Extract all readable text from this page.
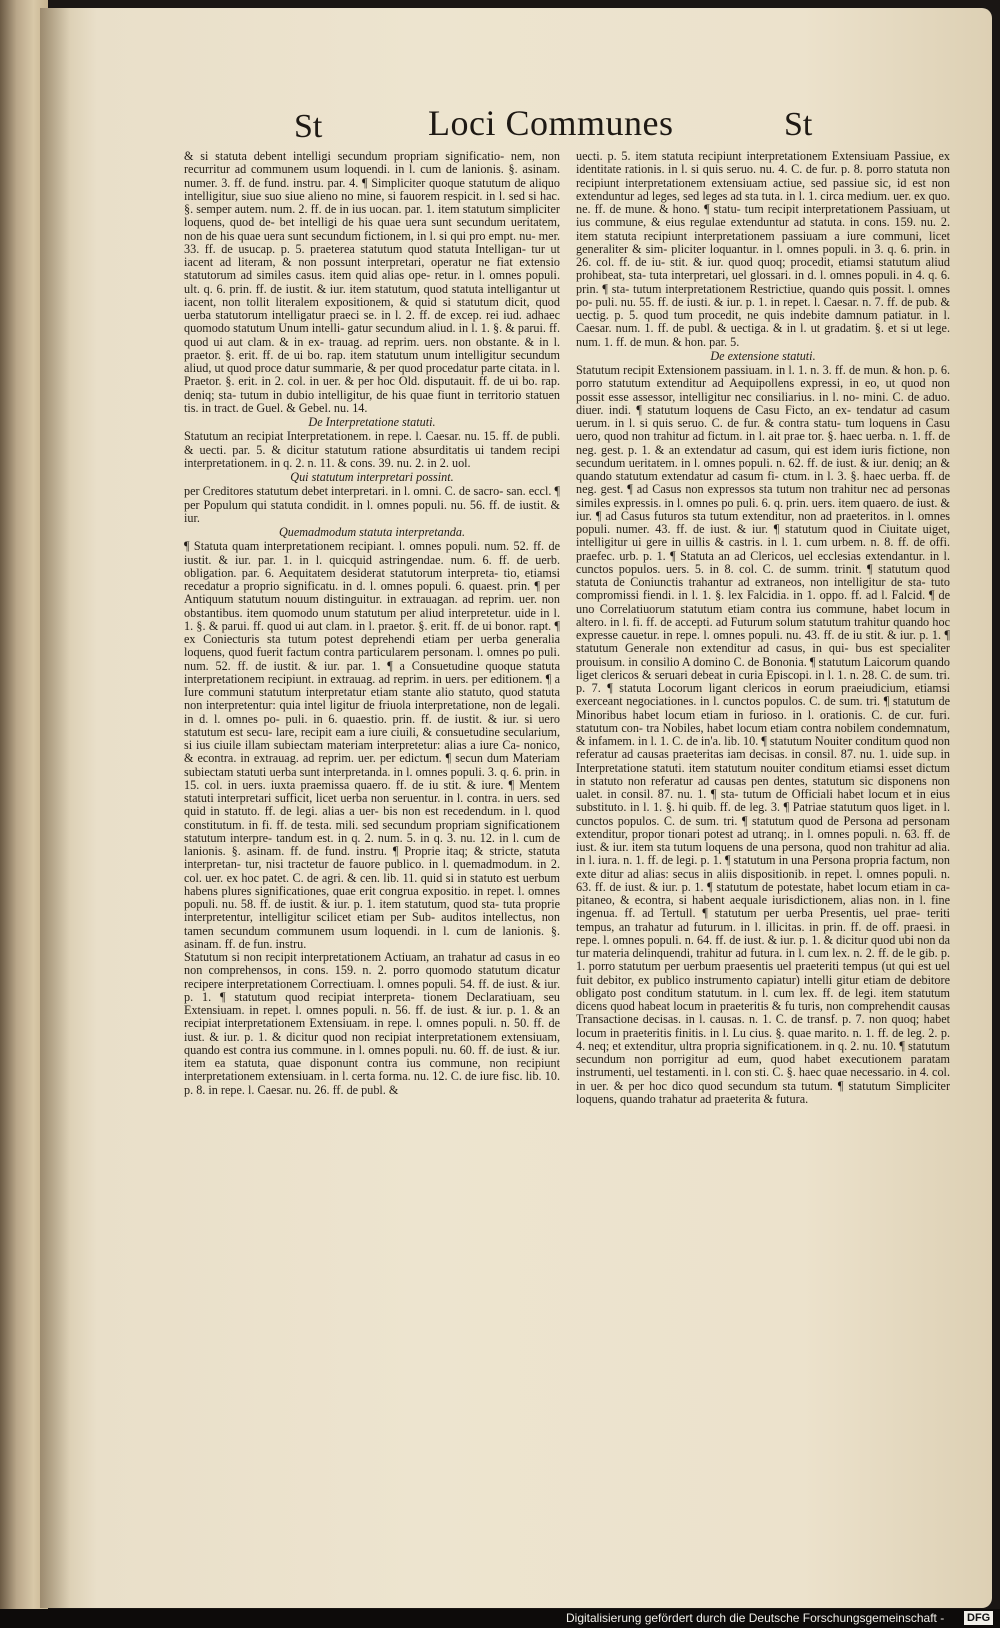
St	Loci Communes	St

& si statuta debent intelligi secundum propriam significatio- nem, non recurritur ad communem usum loquendi. in l. cum de lanionis. §. asinam. numer. 3. ff. de fund. instru. par. 4. ¶ Simpliciter quoque statutum de aliquo intelligitur, siue suo siue alieno no mine, si fauorem respicit. in l. sed si hac. §. semper autem. num. 2. ff. de in ius uocan. par. 1. item statutum simpliciter loquens, quod de- bet intelligi de his quae uera sunt secundum ueritatem, non de his quae uera sunt secundum fictionem, in l. si qui pro empt. nu- mer. 33. ff. de usucap. p. 5. praeterea statutum quod statuta Intelligan- tur ut iacent ad literam, & non possunt interpretari, operatur ne fiat extensio statutorum ad similes casus. item quid alias ope- retur. in l. omnes populi. ult. q. 6. prin. ff. de iustit. & iur. item statutum, quod statuta intelligantur ut iacent, non tollit literalem expositionem, & quid si statutum dicit, quod uerba statutorum intelligatur praeci se. in l. 2. ff. de excep. rei iud. adhaec quomodo statutum Unum intelli- gatur secundum aliud. in l. 1. §. & parui. ff. quod ui aut clam. & in ex- trauag. ad reprim. uers. non obstante. & in l. praetor. §. erit. ff. de ui bo. rap. item statutum unum intelligitur secundum aliud, ut quod proce datur summarie, & per quod procedatur parte citata. in l. Praetor. §. erit. in 2. col. in uer. & per hoc Old. disputauit. ff. de ui bo. rap. deniq; sta- tutum in dubio intelligitur, de his quae fiunt in territorio statuen tis. in tract. de Guel. & Gebel. nu. 14.

De Interpretatione statuti.

Statutum an recipiat Interpretationem. in repe. l. Caesar. nu. 15. ff. de publi. & uecti. par. 5. & dicitur statutum ratione absurditatis ui tandem recipi interpretationem. in q. 2. n. 11. & cons. 39. nu. 2. in 2. uol.

Qui statutum interpretari possint.

per Creditores statutum debet interpretari. in l. omni. C. de sacro- san. eccl. ¶ per Populum qui statuta condidit. in l. omnes populi. nu. 56. ff. de iustit. & iur.

Quemadmodum statuta interpretanda.

¶ Statuta quam interpretationem recipiant. l. omnes populi. num. 52. ff. de iustit. & iur. par. 1. in l. quicquid astringendae. num. 6. ff. de uerb. obligation. par. 6. Aequitatem desiderat statutorum interpreta- tio, etiamsi recedatur a proprio significatu. in d. l. omnes populi. 6. quaest. prin. ¶ per Antiquum statutum nouum distinguitur. in extrauagan. ad reprim. uer. non obstantibus. item quomodo unum statutum per aliud interpretetur. uide in l. 1. §. & parui. ff. quod ui aut clam. in l. praetor. §. erit. ff. de ui bonor. rapt. ¶ ex Coniecturis sta tutum potest deprehendi etiam per uerba generalia loquens, quod fuerit factum contra particularem personam. l. omnes po puli. num. 52. ff. de iustit. & iur. par. 1. ¶ a Consuetudine quoque statuta interpretationem recipiunt. in extrauag. ad reprim. in uers. per editionem. ¶ a Iure communi statutum interpretatur etiam stante alio statuto, quod statuta non interpretentur: quia intel ligitur de friuola interpretatione, non de legali. in d. l. omnes po- puli. in 6. quaestio. prin. ff. de iustit. & iur. si uero statutum est secu- lare, recipit eam a iure ciuili, & consuetudine secularium, si ius ciuile illam subiectam materiam interpretetur: alias a iure Ca- nonico, & econtra. in extrauag. ad reprim. uer. per edictum. ¶ secun dum Materiam subiectam statuti uerba sunt interpretanda. in l. omnes populi. 3. q. 6. prin. in 15. col. in uers. iuxta praemissa quaero. ff. de iu stit. & iure. ¶ Mentem statuti interpretari sufficit, licet uerba non seruentur. in l. contra. in uers. sed quid in statuto. ff. de legi. alias a uer- bis non est recedendum. in l. quod constitutum. in fi. ff. de testa. mili. sed secundum propriam significationem statutum interpre- tandum est. in q. 2. num. 5. in q. 3. nu. 12. in l. cum de lanionis. §. asinam. ff. de fund. instru. ¶ Proprie itaq; & stricte, statuta interpretan- tur, nisi tractetur de fauore publico. in l. quemadmodum. in 2. col. uer. ex hoc patet. C. de agri. & cen. lib. 11. quid si in statuto est uerbum habens plures significationes, quae erit congrua expositio. in repet. l. omnes populi. nu. 58. ff. de iustit. & iur. p. 1. item statutum, quod sta- tuta proprie interpretentur, intelligitur scilicet etiam per Sub- auditos intellectus, non tamen secundum communem usum loquendi. in l. cum de lanionis. §. asinam. ff. de fun. instru.

Statutum si non recipit interpretationem Actiuam, an trahatur ad casus in eo non comprehensos, in cons. 159. n. 2. porro quomodo statutum dicatur recipere interpretationem Correctiuam. l. omnes populi. 54. ff. de iust. & iur. p. 1. ¶ statutum quod recipiat interpreta- tionem Declaratiuam, seu Extensiuam. in repet. l. omnes populi. n. 56. ff. de iust. & iur. p. 1. & an recipiat interpretationem Extensiuam. in repe. l. omnes populi. n. 50. ff. de iust. & iur. p. 1. & dicitur quod non recipiat interpretationem extensiuam, quando est contra ius commune. in l. omnes populi. nu. 60. ff. de iust. & iur. item ea statuta, quae disponunt contra ius commune, non recipiunt interpretationem extensiuam. in l. certa forma. nu. 12. C. de iure fisc. lib. 10. p. 8. in repe. l. Caesar. nu. 26. ff. de publ. &

uecti. p. 5. item statuta recipiunt interpretationem Extensiuam Passiue, ex identitate rationis. in l. si quis seruo. nu. 4. C. de fur. p. 8. porro statuta non recipiunt interpretationem extensiuam actiue, sed passiue sic, id est non extenduntur ad leges, sed leges ad sta tuta. in l. 1. circa medium. uer. ex quo. ne. ff. de mune. & hono. ¶ statu- tum recipit interpretationem Passiuam, ut ius commune, & eius regulae extenduntur ad statuta. in cons. 159. nu. 2. item statuta recipiunt interpretationem passiuam a iure communi, licet generaliter & sim- pliciter loquantur. in l. omnes populi. in 3. q. 6. prin. in 26. col. ff. de iu- stit. & iur. quod quoq; procedit, etiamsi statutum aliud prohibeat, sta- tuta interpretari, uel glossari. in d. l. omnes populi. in 4. q. 6. prin. ¶ sta- tutum interpretationem Restrictiue, quando quis possit. l. omnes po- puli. nu. 55. ff. de iusti. & iur. p. 1. in repet. l. Caesar. n. 7. ff. de pub. & uectig. p. 5. quod tum procedit, ne quis indebite damnum patiatur. in l. Caesar. num. 1. ff. de publ. & uectiga. & in l. ut gradatim. §. et si ut lege. num. 1. ff. de mun. & hon. par. 5.

De extensione statuti.

Statutum recipit Extensionem passiuam. in l. 1. n. 3. ff. de mun. & hon. p. 6. porro statutum extenditur ad Aequipollens expressi, in eo, ut quod non possit esse assessor, intelligitur nec consiliarius. in l. no- mini. C. de aduo. diuer. indi. ¶ statutum loquens de Casu Ficto, an ex- tendatur ad casum uerum. in l. si quis seruo. C. de fur. & contra statu- tum loquens in Casu uero, quod non trahitur ad fictum. in l. ait prae tor. §. haec uerba. n. 1. ff. de neg. gest. p. 1. & an extendatur ad casum, qui est idem iuris fictione, non secundum ueritatem. in l. omnes populi. n. 62. ff. de iust. & iur. deniq; an & quando statutum extendatur ad casum fi- ctum. in l. 3. §. haec uerba. ff. de neg. gest. ¶ ad Casus non expressos sta tutum non trahitur nec ad personas similes expressis. in l. omnes po puli. 6. q. prin. uers. item quaero. de iust. & iur. ¶ ad Casus futuros sta tutum extenditur, non ad praeteritos. in l. omnes populi. numer. 43. ff. de iust. & iur. ¶ statutum quod in Ciuitate uiget, intelligitur ui gere in uillis & castris. in l. 1. cum urbem. n. 8. ff. de offi. praefec. urb. p. 1. ¶ Statuta an ad Clericos, uel ecclesias extendantur. in l. cunctos populos. uers. 5. in 8. col. C. de summ. trinit. ¶ statutum quod statuta de Coniunctis trahantur ad extraneos, non intelligitur de sta- tuto compromissi fiendi. in l. 1. §. lex Falcidia. in 1. oppo. ff. ad l. Falcid. ¶ de uno Correlatiuorum statutum etiam contra ius commune, habet locum in altero. in l. fi. ff. de accepti. ad Futurum solum statutum trahitur quando hoc expresse cauetur. in repe. l. omnes populi. nu. 43. ff. de iu stit. & iur. p. 1. ¶ statutum Generale non extenditur ad casus, in qui- bus est specialiter prouisum. in consilio A domino C. de Bononia. ¶ statutum Laicorum quando liget clericos & seruari debeat in curia Episcopi. in l. 1. n. 28. C. de sum. tri. p. 7. ¶ statuta Locorum ligant clericos in eorum praeiudicium, etiamsi exerceant negociationes. in l. cunctos populos. C. de sum. tri. ¶ statutum de Minoribus habet locum etiam in furioso. in l. orationis. C. de cur. furi. statutum con- tra Nobiles, habet locum etiam contra nobilem condemnatum, & infamem. in l. 1. C. de in'a. lib. 10. ¶ statutum Nouiter conditum quod non referatur ad causas praeteritas iam decisas. in consil. 87. nu. 1. uide sup. in Interpretatione statuti. item statutum nouiter conditum etiamsi esset dictum in statuto non referatur ad causas pen dentes, statutum sic disponens non ualet. in consil. 87. nu. 1. ¶ sta- tutum de Officiali habet locum et in eius substituto. in l. 1. §. hi quib. ff. de leg. 3. ¶ Patriae statutum quos liget. in l. cunctos populos. C. de sum. tri. ¶ statutum quod de Persona ad personam extenditur, propor tionari potest ad utranq;. in l. omnes populi. n. 63. ff. de iust. & iur. item sta tutum loquens de una persona, quod non trahitur ad alia. in l. iura. n. 1. ff. de legi. p. 1. ¶ statutum in una Persona propria factum, non exte ditur ad alias: secus in aliis dispositionib. in repet. l. omnes populi. n. 63. ff. de iust. & iur. p. 1. ¶ statutum de potestate, habet locum etiam in ca- pitaneo, & econtra, si habent aequale iurisdictionem, alias non. in l. fine ingenua. ff. ad Tertull. ¶ statutum per uerba Presentis, uel prae- teriti tempus, an trahatur ad futurum. in l. illicitas. in prin. ff. de off. praesi. in repe. l. omnes populi. n. 64. ff. de iust. & iur. p. 1. & dicitur quod ubi non da tur materia delinquendi, trahitur ad futura. in l. cum lex. n. 2. ff. de le gib. p. 1. porro statutum per uerbum praesentis uel praeteriti tempus (ut qui est uel fuit debitor, ex publico instrumento capiatur) intelli gitur etiam de debitore obligato post conditum statutum. in l. cum lex. ff. de legi. item statutum dicens quod habeat locum in praeteritis & fu turis, non comprehendit causas Transactione decisas. in l. causas. n. 1. C. de transf. p. 7. non quoq; habet locum in praeteritis finitis. in l. Lu cius. §. quae marito. n. 1. ff. de leg. 2. p. 4. neq; et extenditur, ultra propria significationem. in q. 2. nu. 10. ¶ statutum secundum non porrigitur ad eum, quod habet executionem paratam instrumenti, uel testamenti. in l. con sti. C. §. haec quae necessario. in 4. col. in uer. & per hoc dico quod secundum sta tutum. ¶ statutum Simpliciter loquens, quando trahatur ad praeterita & futura.

Digitalisierung gefördert durch die Deutsche Forschungsgemeinschaft - DFG
